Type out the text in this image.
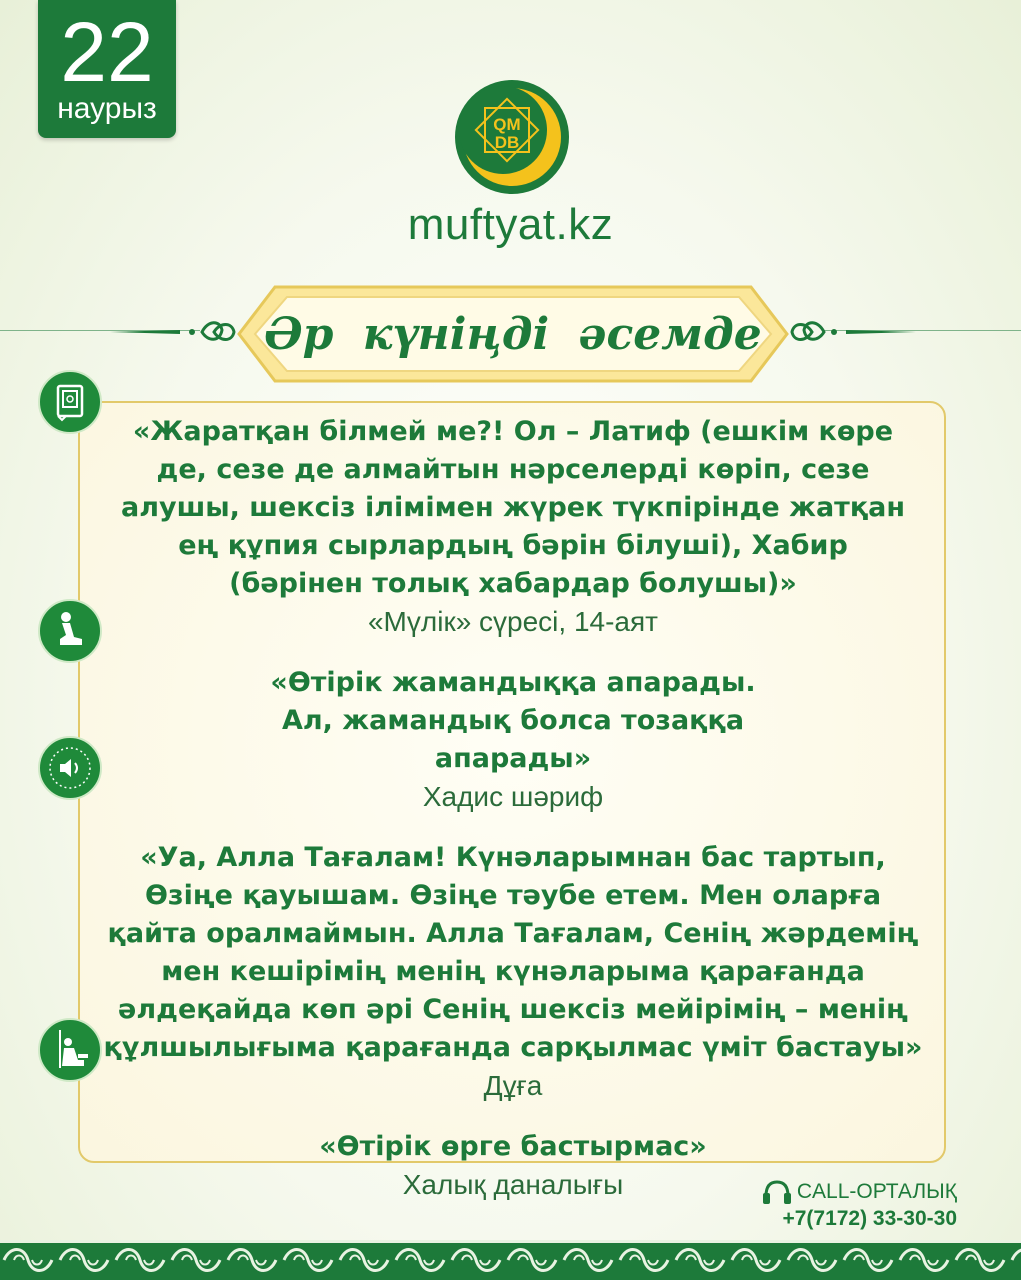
22
наурыз	QM
DB
muftyat.kz
Әр күніңді әсемде

«Жаратқан білмей ме?! Ол – Латиф (ешкім көре де, сезе де алмайтын нәрселерді көріп, сезе алушы, шексіз ілімімен жүрек түкпірінде жатқан ең құпия сырлардың бәрін білуші), Хабир (бәрінен толық хабардар болушы)»

«Мүлік» сүресі, 14-аят

«Өтірік жамандыққа апарады. Ал, жамандық болса тозаққа апарады»

Хадис шәриф

«Уа, Алла Тағалам! Күнәларымнан бас тартып, Өзіңе қауышам. Өзіңе тәубе етем. Мен оларға қайта оралмаймын. Алла Тағалам, Сенің жәрдемің мен кешірімің менің күнәларыма қарағанда әлдеқайда көп әрі Сенің шексіз мейірімің – менің құлшылығыма қарағанда сарқылмас үміт бастауы»

Дұға

«Өтірік өрге бастырмас»

Халық даналығы	CALL-ОРТАЛЫҚ
+7(7172) 33-30-30
